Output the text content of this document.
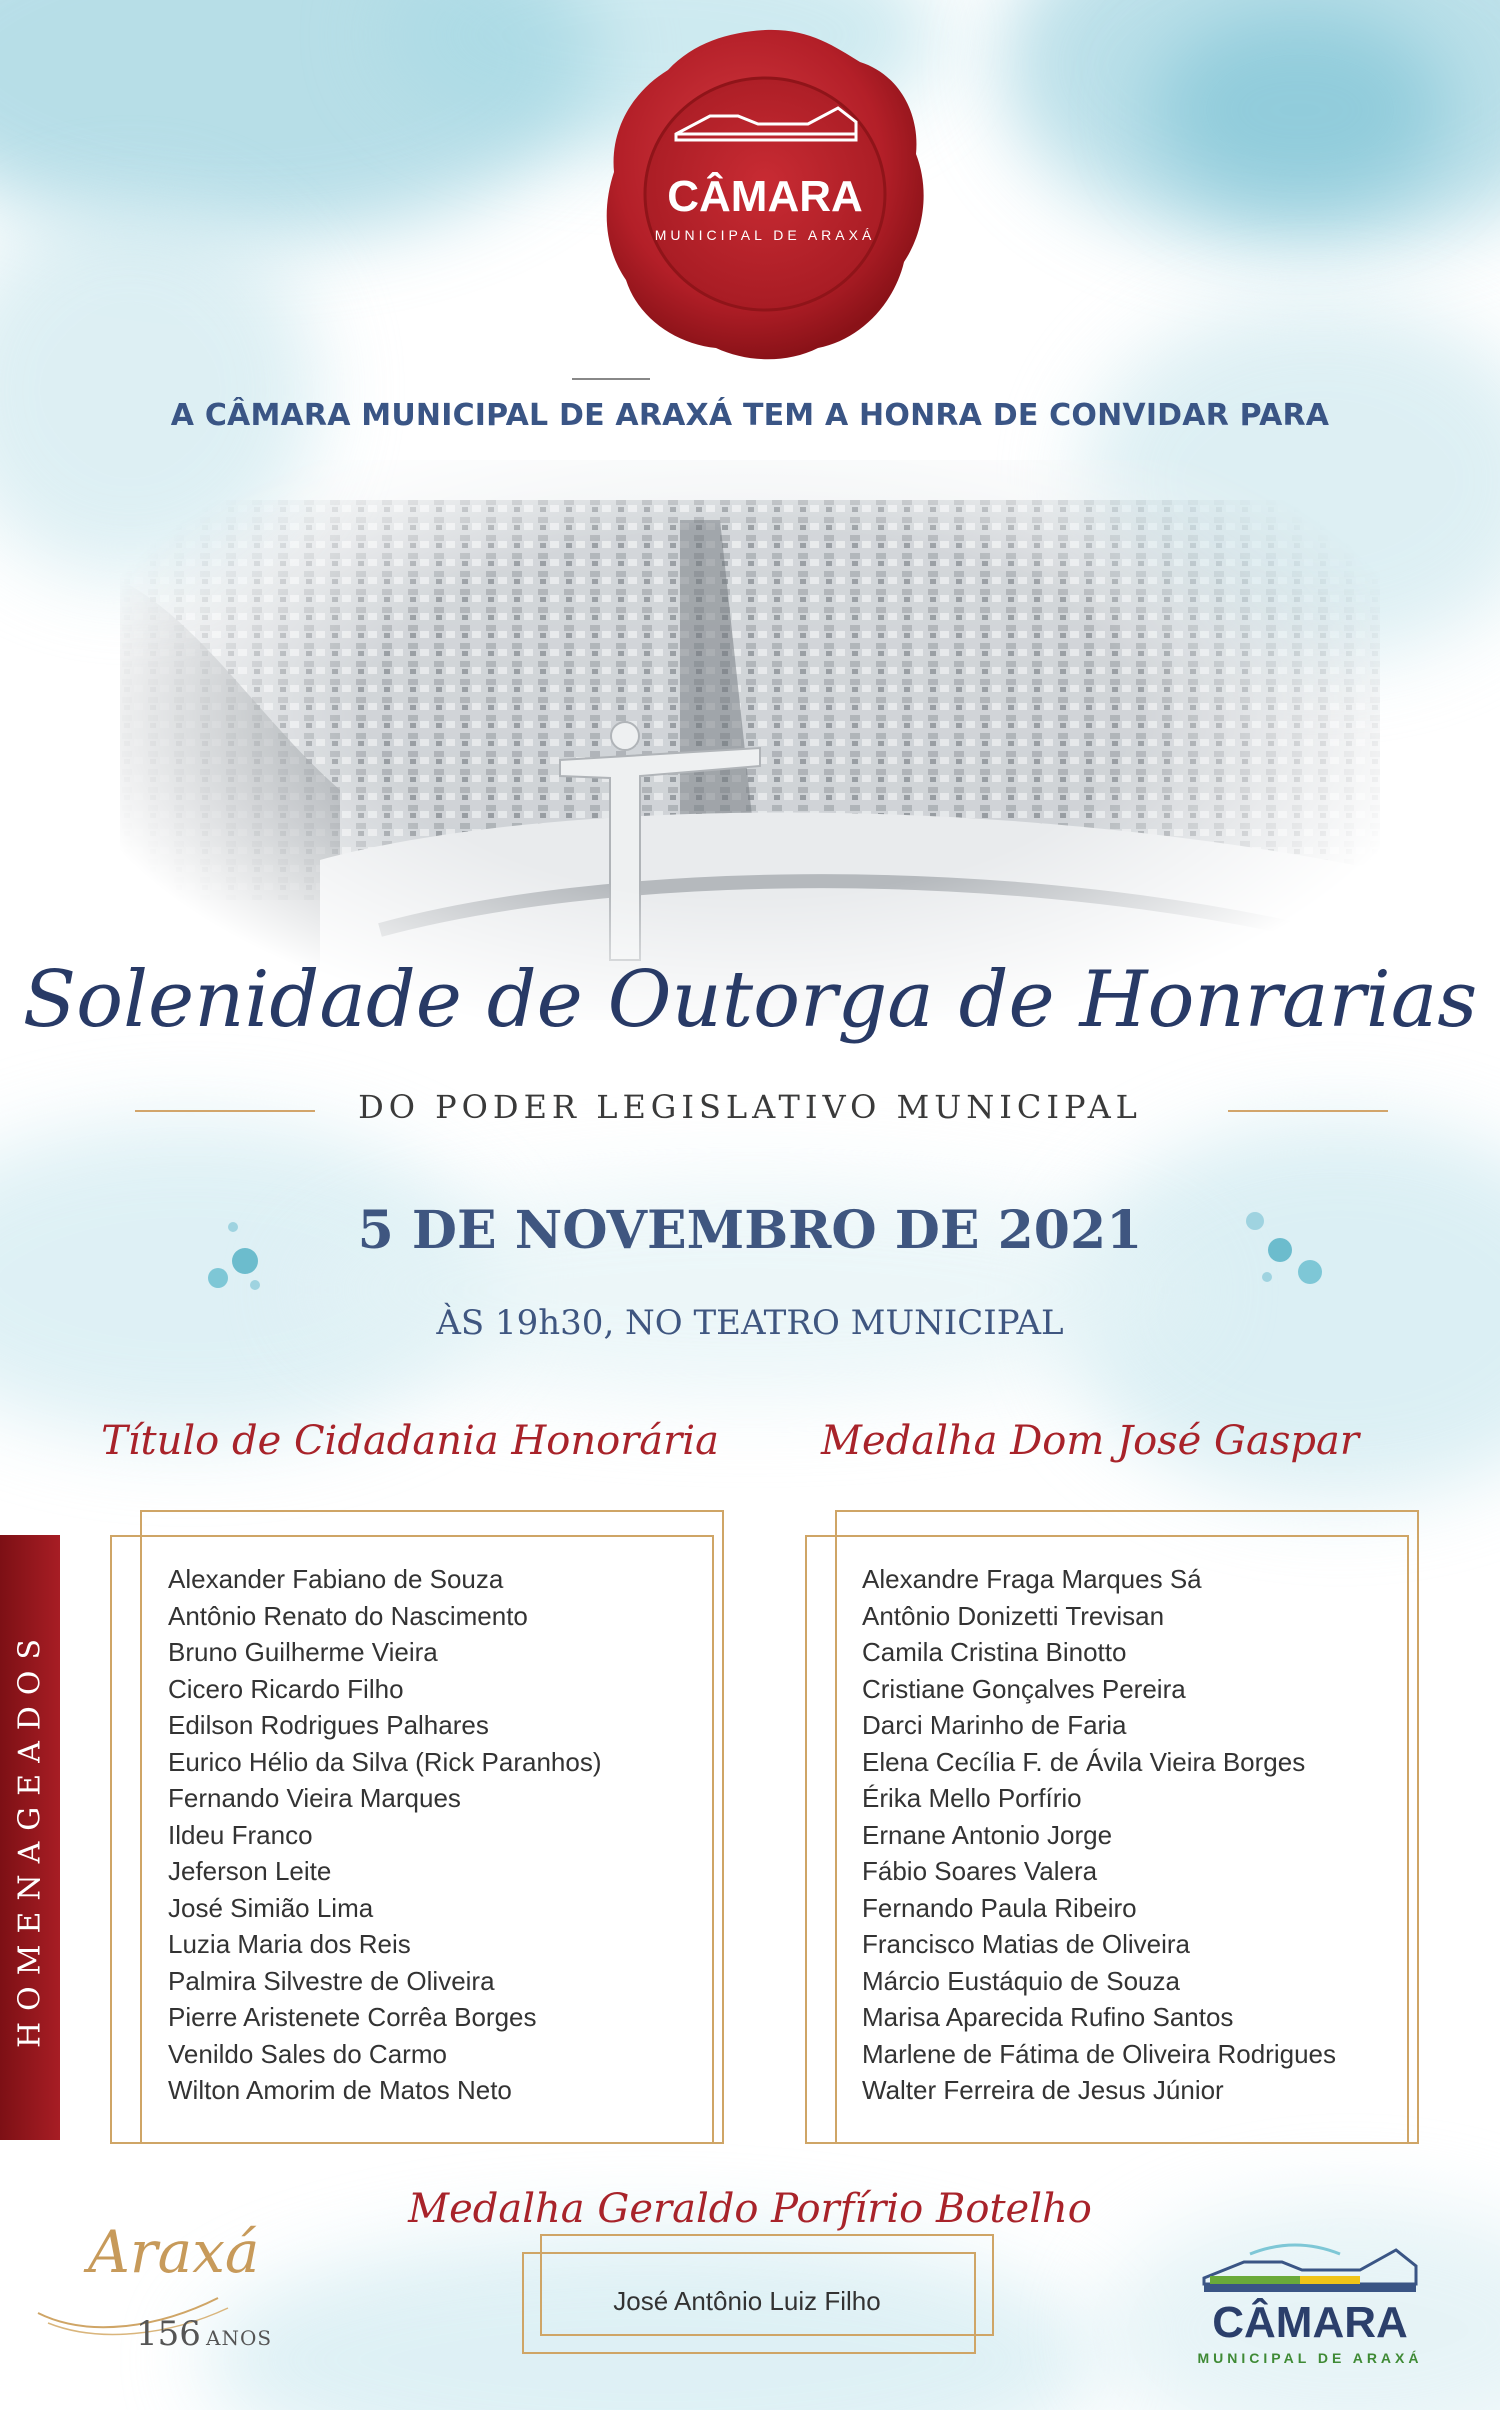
CÂMARA
MUNICIPAL DE ARAXÁ
A CÂMARA MUNICIPAL DE ARAXÁ TEM A HONRA DE CONVIDAR PARA
Solenidade de Outorga de Honrarias
DO PODER LEGISLATIVO MUNICIPAL
5 DE NOVEMBRO DE 2021
ÀS 19h30, NO TEATRO MUNICIPAL
Título de Cidadania Honorária	Medalha Dom José Gaspar
HOMENAGEADOS
Alexander Fabiano de Souza
Antônio Renato do Nascimento
Bruno Guilherme Vieira
Cicero Ricardo Filho
Edilson Rodrigues Palhares
Eurico Hélio da Silva (Rick Paranhos)
Fernando Vieira Marques
Ildeu Franco
Jeferson Leite
José Simião Lima
Luzia Maria dos Reis
Palmira Silvestre de Oliveira
Pierre Aristenete Corrêa Borges
Venildo Sales do Carmo
Wilton Amorim de Matos Neto
Alexandre Fraga Marques Sá
Antônio Donizetti Trevisan
Camila Cristina Binotto
Cristiane Gonçalves Pereira
Darci Marinho de Faria
Elena Cecília F. de Ávila Vieira Borges
Érika Mello Porfírio
Ernane Antonio Jorge
Fábio Soares Valera
Fernando Paula Ribeiro
Francisco Matias de Oliveira
Márcio Eustáquio de Souza
Marisa Aparecida Rufino Santos
Marlene de Fátima de Oliveira Rodrigues
Walter Ferreira de Jesus Júnior
Medalha Geraldo Porfírio Botelho
José Antônio Luiz Filho
Araxá
156 ANOS	CÂMARA
MUNICIPAL DE ARAXÁ
